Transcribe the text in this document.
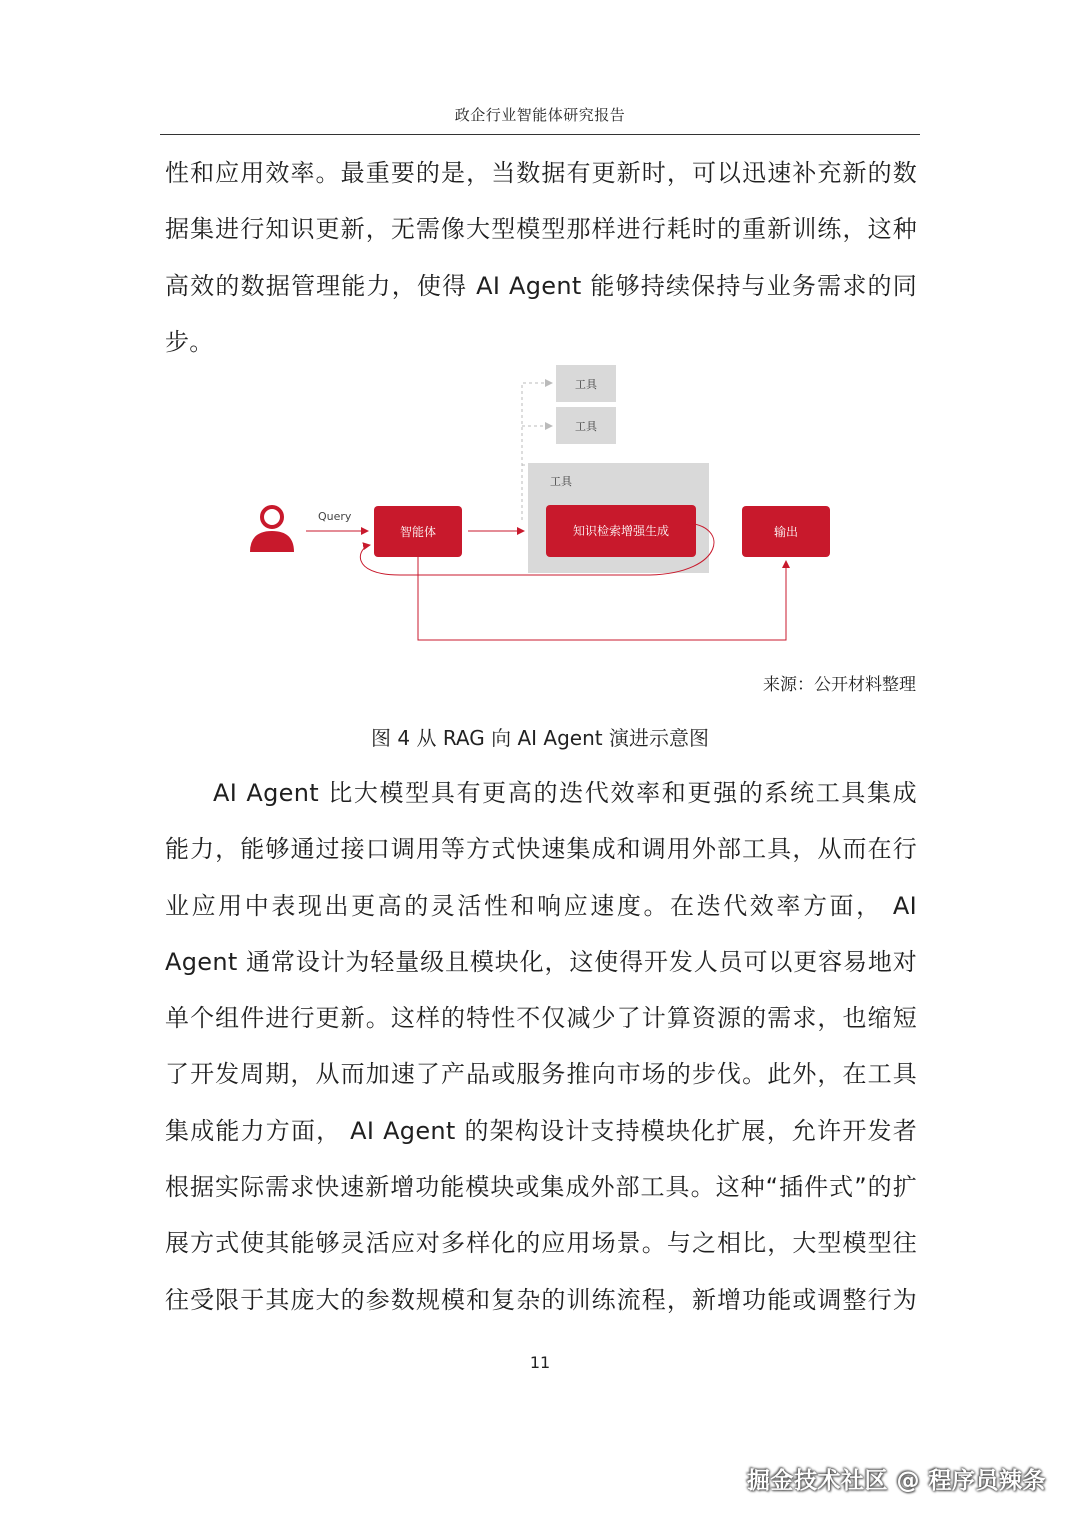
政企行业智能体研究报告
性和应用效率。最重要的是，当数据有更新时，可以迅速补充新的数
据集进行知识更新，无需像大型模型那样进行耗时的重新训练，这种
高效的数据管理能力，使得 AI Agent 能够持续保持与业务需求的同
步。
Query
智能体
工具
工具
工具
知识检索增强生成	输出
来源：公开材料整理
图 4 从 RAG 向 AI Agent 演进示意图
AI Agent 比大模型具有更高的迭代效率和更强的系统工具集成
能力，能够通过接口调用等方式快速集成和调用外部工具，从而在行
业应用中表现出更高的灵活性和响应速度。在迭代效率方面， AI
Agent 通常设计为轻量级且模块化，这使得开发人员可以更容易地对
单个组件进行更新。这样的特性不仅减少了计算资源的需求，也缩短
了开发周期，从而加速了产品或服务推向市场的步伐。此外，在工具
集成能力方面， AI Agent 的架构设计支持模块化扩展，允许开发者
根据实际需求快速新增功能模块或集成外部工具。这种“插件式”的扩
展方式使其能够灵活应对多样化的应用场景。与之相比，大型模型往
往受限于其庞大的参数规模和复杂的训练流程，新增功能或调整行为
11
掘金技术社区 @ 程序员辣条
